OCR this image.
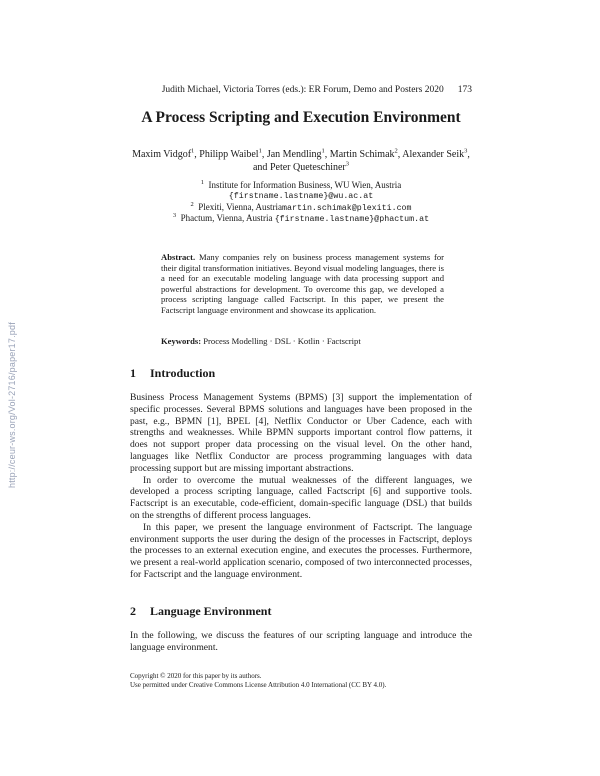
Judith Michael, Victoria Torres (eds.): ER Forum, Demo and Posters 2020 173
A Process Scripting and Execution Environment
Maxim Vidgof$^1$, Philipp Waibel$^1$, Jan Mendling$^1$, Martin Schimak$^2$, Alexander Seik$^3$, and Peter Queteschiner$^3$
$^1$ Institute for Information Business, WU Wien, Austria
{firstname.lastname}@wu.ac.at
$^2$ Plexiti, Vienna, Austriamartin.schimak@plexiti.com
$^3$ Phactum, Vienna, Austria {firstname.lastname}@phactum.at
Abstract. Many companies rely on business process management systems for their digital transformation initiatives. Beyond visual modeling languages, there is a need for an executable modeling language with data processing support and powerful abstractions for development. To overcome this gap, we developed a process scripting language called Factscript. In this paper, we present the Factscript language environment and showcase its application.
Keywords: Process Modelling · DSL · Kotlin · Factscript
1 Introduction

Business Process Management Systems (BPMS) [3] support the implementation of specific processes. Several BPMS solutions and languages have been proposed in the past, e.g., BPMN [1], BPEL [4], Netflix Conductor or Uber Cadence, each with strengths and weaknesses. While BPMN supports important control flow patterns, it does not support proper data processing on the visual level. On the other hand, languages like Netflix Conductor are process programming languages with data processing support but are missing important abstractions.

In order to overcome the mutual weaknesses of the different languages, we developed a process scripting language, called Factscript [6] and supportive tools. Factscript is an executable, code-efficient, domain-specific language (DSL) that builds on the strengths of different process languages.

In this paper, we present the language environment of Factscript. The language environment supports the user during the design of the processes in Factscript, deploys the processes to an external execution engine, and executes the processes. Furthermore, we present a real-world application scenario, composed of two interconnected processes, for Factscript and the language environment.

2 Language Environment

In the following, we discuss the features of our scripting language and introduce the language environment.

Copyright © 2020 for this paper by its authors.
Use permitted under Creative Commons License Attribution 4.0 International (CC BY 4.0).
http://ceur-ws.org/Vol-2716/paper17.pdf
